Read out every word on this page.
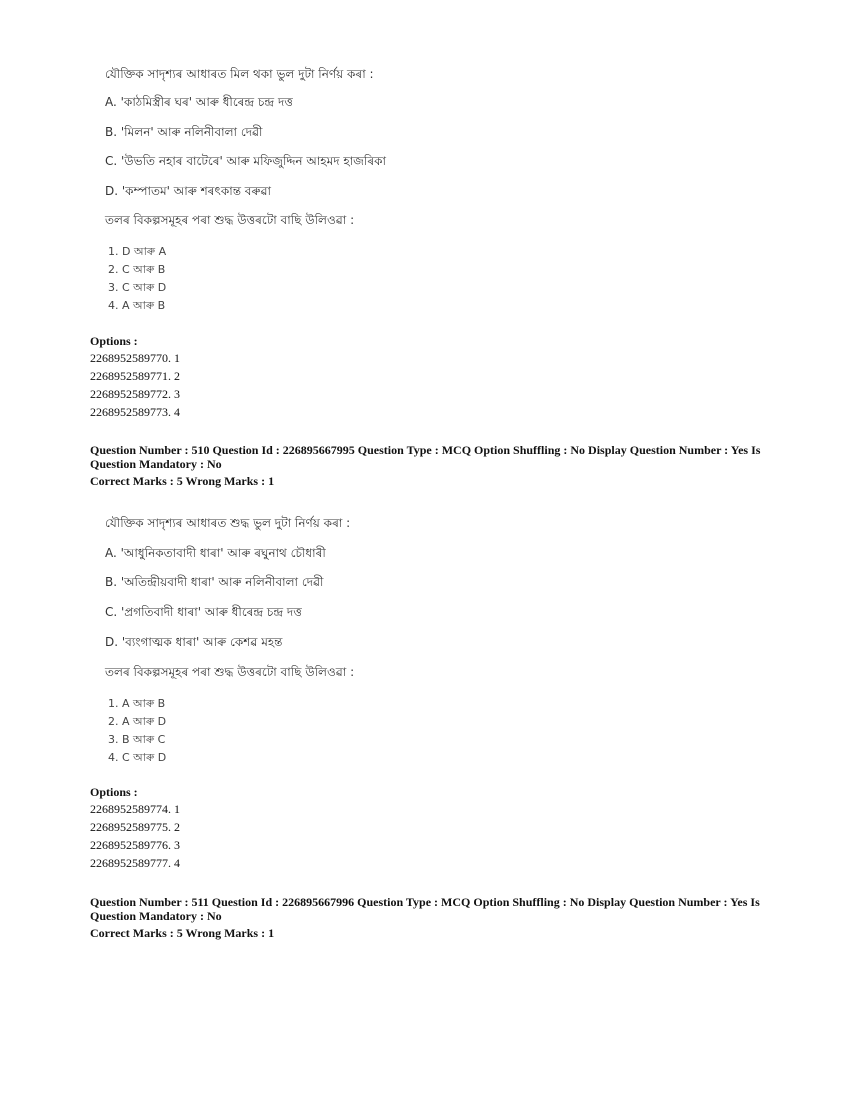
যৌক্তিক সাদৃশ্যৰ আধাৰত মিল থকা ভুল দুটা নিৰ্ণয় কৰা :
A. 'কাঠমিস্ত্ৰীৰ ঘৰ' আৰু ধীৰেন্দ্ৰ চন্দ্ৰ দত্ত
B. 'মিলন' আৰু নলিনীবালা দেৱী
C. 'উভতি নহাৰ বাটেৰে' আৰু মফিজুদ্দিন আহমদ হাজৰিকা
D. 'কম্পাতম' আৰু শৰৎকান্ত বৰুৱা
তলৰ বিকল্পসমূহৰ পৰা শুদ্ধ উত্তৰটো বাছি উলিওৱা :
1. D আৰু A
2. C আৰু B
3. C আৰু D
4. A আৰু B
Options :
2268952589770. 1
2268952589771. 2
2268952589772. 3
2268952589773. 4
Question Number : 510 Question Id : 226895667995 Question Type : MCQ Option Shuffling : No Display Question Number : Yes Is
Question Mandatory : No
Correct Marks : 5 Wrong Marks : 1
যৌক্তিক সাদৃশ্যৰ আধাৰত শুদ্ধ ভুল দুটা নিৰ্ণয় কৰা :
A. 'আধুনিকতাবাদী ধাৰা' আৰু ৰঘুনাথ চৌধাৰী
B. 'অতিন্দ্ৰীয়বাদী ধাৰা' আৰু নলিনীবালা দেৱী
C. 'প্ৰগতিবাদী ধাৰা' আৰু ধীৰেন্দ্ৰ চন্দ্ৰ দত্ত
D. 'ব্যংগাত্মক ধাৰা' আৰু কেশৱ মহন্ত
তলৰ বিকল্পসমূহৰ পৰা শুদ্ধ উত্তৰটো বাছি উলিওৱা :
1. A আৰু B
2. A আৰু D
3. B আৰু C
4. C আৰু D
Options :
2268952589774. 1
2268952589775. 2
2268952589776. 3
2268952589777. 4
Question Number : 511 Question Id : 226895667996 Question Type : MCQ Option Shuffling : No Display Question Number : Yes Is
Question Mandatory : No
Correct Marks : 5 Wrong Marks : 1
